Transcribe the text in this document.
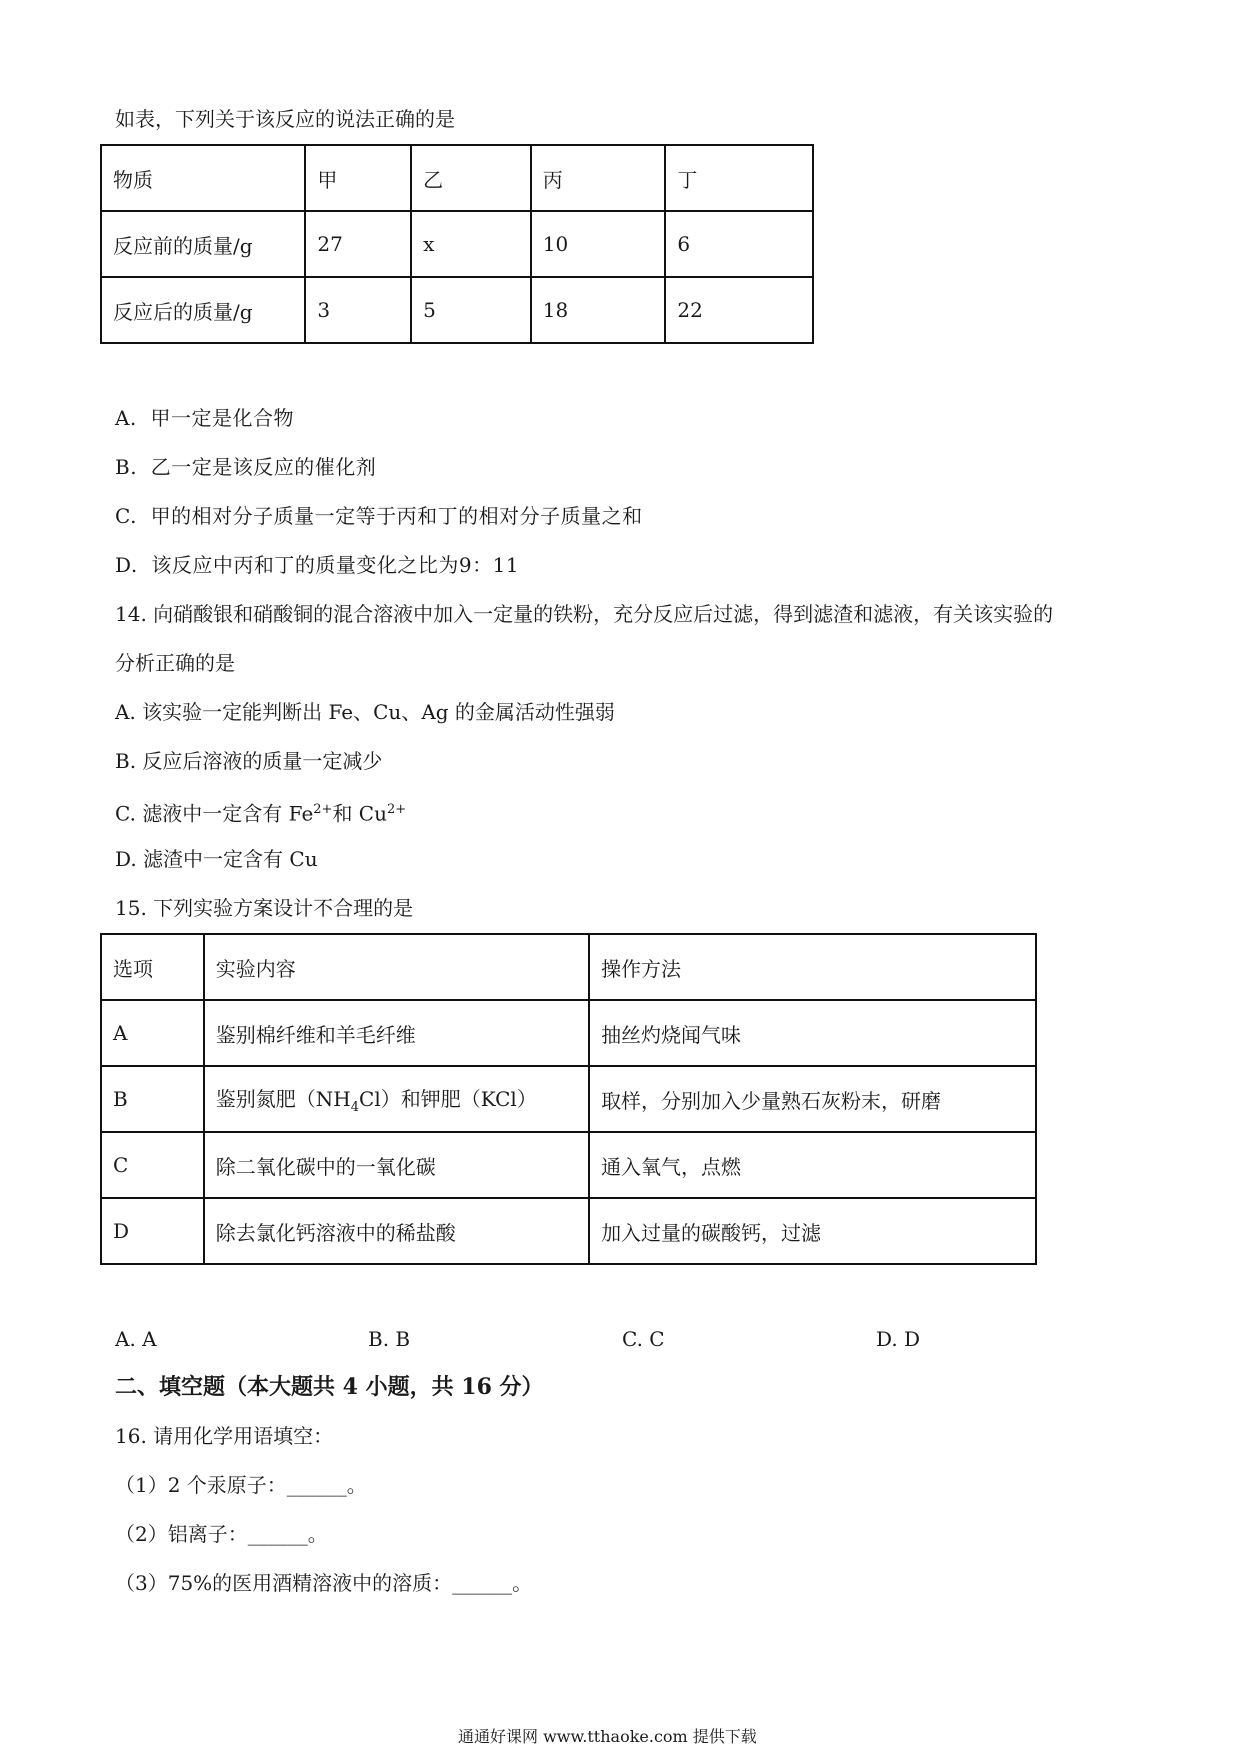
如表，下列关于该反应的说法正确的是
物质	甲	乙	丙	丁
反应前的质量/g	27	x	10	6
反应后的质量/g	3	5	18	22
A. 甲一定是化合物
B. 乙一定是该反应的催化剂
C. 甲的相对分子质量一定等于丙和丁的相对分子质量之和
D. 该反应中丙和丁的质量变化之比为9：11
14. 向硝酸银和硝酸铜的混合溶液中加入一定量的铁粉，充分反应后过滤，得到滤渣和滤液，有关该实验的
分析正确的是
A. 该实验一定能判断出 Fe、Cu、Ag 的金属活动性强弱
B. 反应后溶液的质量一定减少
C. 滤液中一定含有 $Fe^{2+}$和 $Cu^{2+}$
D. 滤渣中一定含有 Cu
15. 下列实验方案设计不合理的是
选项	实验内容	操作方法
A	鉴别棉纤维和羊毛纤维	抽丝灼烧闻气味
B	鉴别氮肥$(NH_4Cl)$和钾肥（KCl）	取样，分别加入少量熟石灰粉末，研磨
C	除二氧化碳中的一氧化碳	通入氧气，点燃
D	除去氯化钙溶液中的稀盐酸	加入过量的碳酸钙，过滤
A. A	B. B	C. C	D. D
二、填空题（本大题共 4 小题，共 16 分）
16. 请用化学用语填空：
（1）2 个汞原子：______。
（2）铝离子：______。
（3）75%的医用酒精溶液中的溶质：______。
通通好课网 www.tthaoke.com 提供下载
